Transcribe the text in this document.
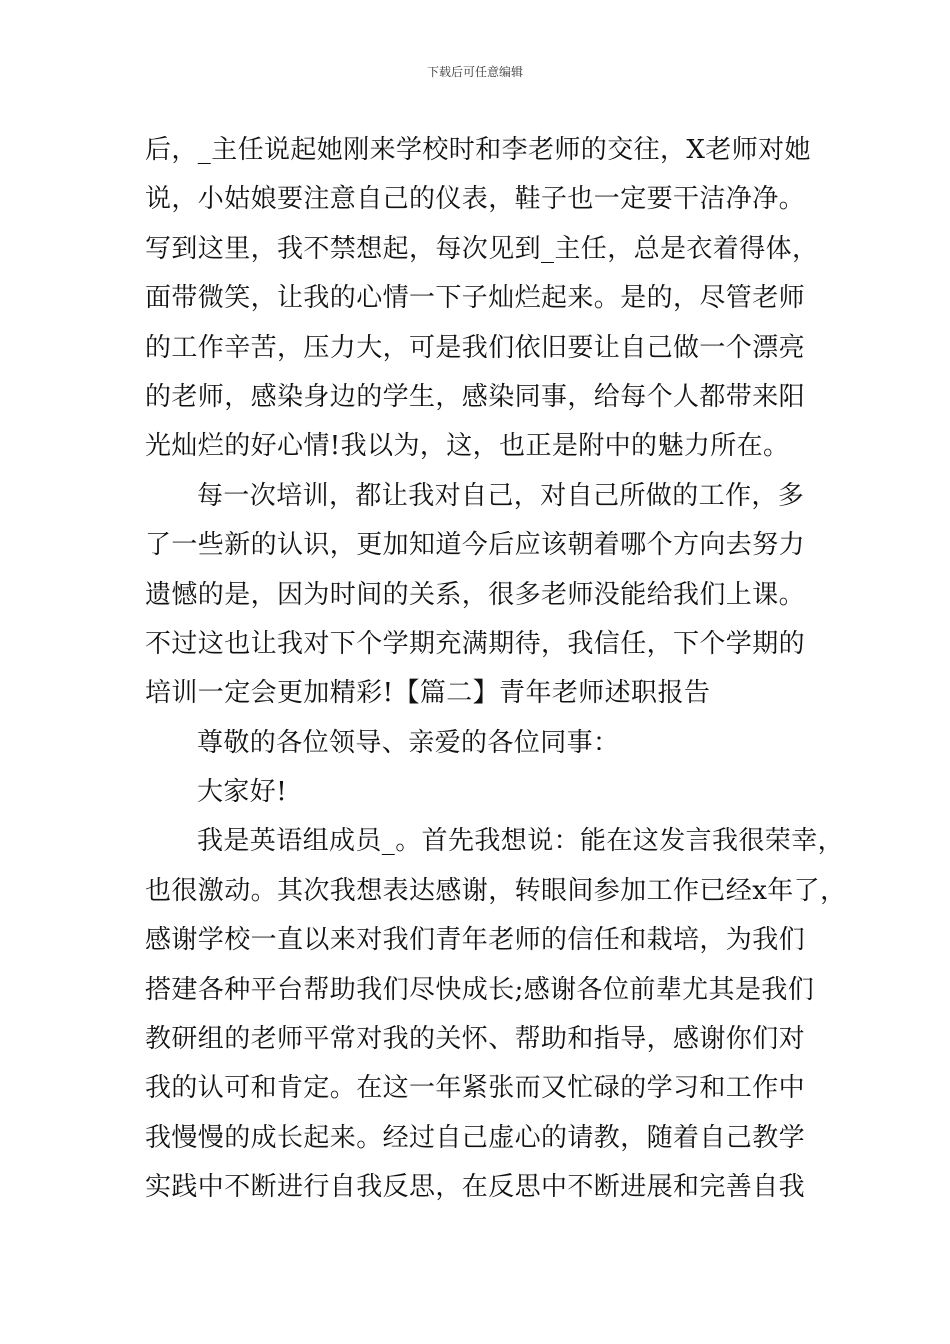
下载后可任意编辑
后，_主任说起她刚来学校时和李老师的交往，X老师对她
说，小姑娘要注意自己的仪表，鞋子也一定要干洁净净。
写到这里，我不禁想起，每次见到_主任，总是衣着得体，
面带微笑，让我的心情一下子灿烂起来。是的，尽管老师
的工作辛苦，压力大，可是我们依旧要让自己做一个漂亮
的老师，感染身边的学生，感染同事，给每个人都带来阳
光灿烂的好心情!我以为，这，也正是附中的魅力所在。
每一次培训，都让我对自己，对自己所做的工作，多
了一些新的认识，更加知道今后应该朝着哪个方向去努力
遗憾的是，因为时间的关系，很多老师没能给我们上课。
不过这也让我对下个学期充满期待，我信任，下个学期的
培训一定会更加精彩!【篇二】青年老师述职报告
尊敬的各位领导、亲爱的各位同事：
大家好!
我是英语组成员_。首先我想说：能在这发言我很荣幸，
也很激动。其次我想表达感谢，转眼间参加工作已经x年了，
感谢学校一直以来对我们青年老师的信任和栽培，为我们
搭建各种平台帮助我们尽快成长;感谢各位前辈尤其是我们
教研组的老师平常对我的关怀、帮助和指导，感谢你们对
我的认可和肯定。在这一年紧张而又忙碌的学习和工作中
我慢慢的成长起来。经过自己虚心的请教，随着自己教学
实践中不断进行自我反思，在反思中不断进展和完善自我
